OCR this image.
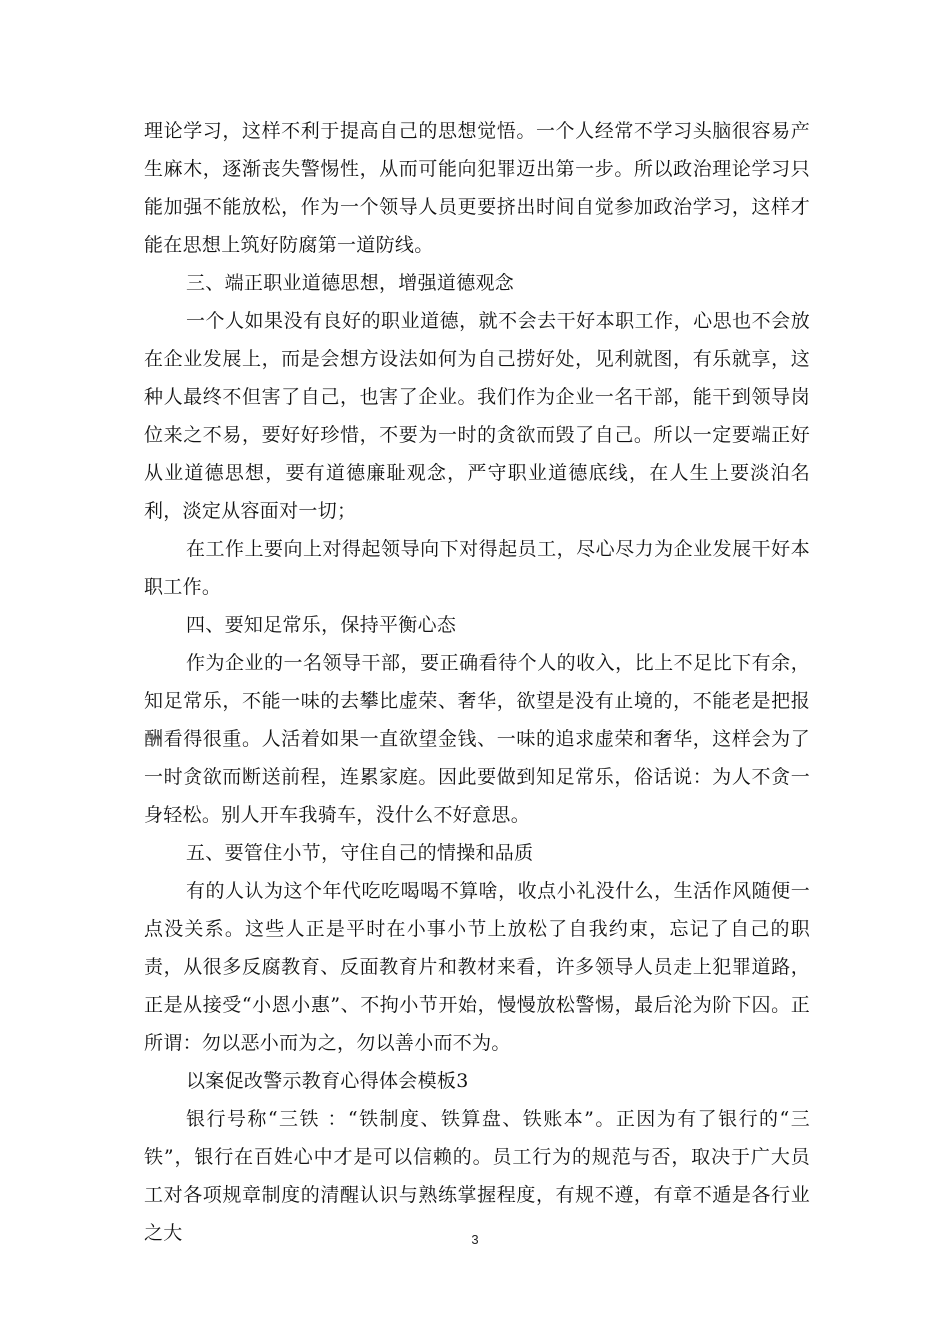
理论学习，这样不利于提高自己的思想觉悟。一个人经常不学习头脑很容易产生麻木，逐渐丧失警惕性，从而可能向犯罪迈出第一步。所以政治理论学习只能加强不能放松，作为一个领导人员更要挤出时间自觉参加政治学习，这样才能在思想上筑好防腐第一道防线。

三、端正职业道德思想，增强道德观念

一个人如果没有良好的职业道德，就不会去干好本职工作，心思也不会放在企业发展上，而是会想方设法如何为自己捞好处，见利就图，有乐就享，这种人最终不但害了自己，也害了企业。我们作为企业一名干部，能干到领导岗位来之不易，要好好珍惜，不要为一时的贪欲而毁了自己。所以一定要端正好从业道德思想，要有道德廉耻观念，严守职业道德底线，在人生上要淡泊名利，淡定从容面对一切；

在工作上要向上对得起领导向下对得起员工，尽心尽力为企业发展干好本职工作。

四、要知足常乐，保持平衡心态

作为企业的一名领导干部，要正确看待个人的收入，比上不足比下有余，知足常乐，不能一味的去攀比虚荣、奢华，欲望是没有止境的，不能老是把报酬看得很重。人活着如果一直欲望金钱、一味的追求虚荣和奢华，这样会为了一时贪欲而断送前程，连累家庭。因此要做到知足常乐，俗话说：为人不贪一身轻松。别人开车我骑车，没什么不好意思。

五、要管住小节，守住自己的情操和品质

有的人认为这个年代吃吃喝喝不算啥，收点小礼没什么，生活作风随便一点没关系。这些人正是平时在小事小节上放松了自我约束，忘记了自己的职责，从很多反腐教育、反面教育片和教材来看，许多领导人员走上犯罪道路，正是从接受“小恩小惠”、不拘小节开始，慢慢放松警惕，最后沦为阶下囚。正所谓：勿以恶小而为之，勿以善小而不为。

以案促改警示教育心得体会模板3

银行号称“三铁 ：“铁制度、铁算盘、铁账本”。正因为有了银行的“三铁”，银行在百姓心中才是可以信赖的。员工行为的规范与否，取决于广大员工对各项规章制度的清醒认识与熟练掌握程度，有规不遵，有章不遁是各行业之大	3
